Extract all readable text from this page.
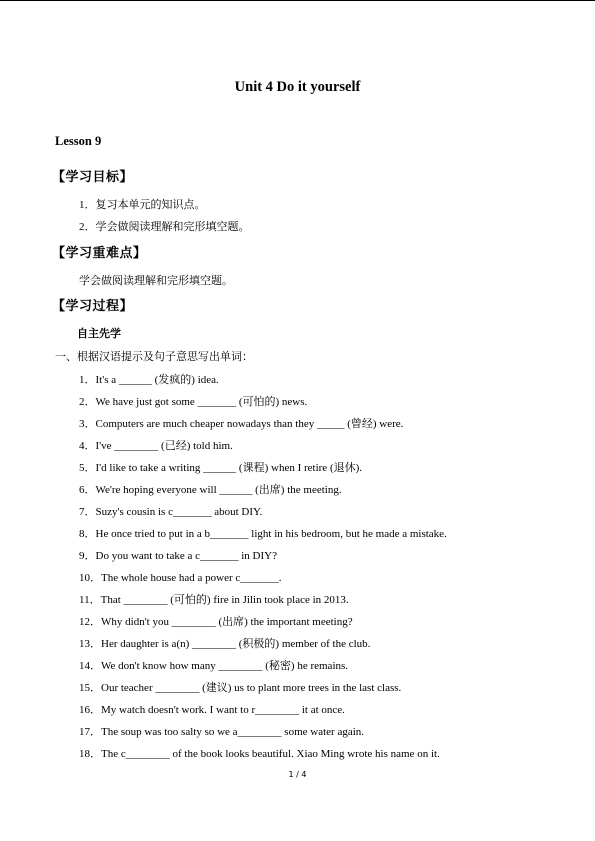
Unit 4 Do it yourself
Lesson 9
【学习目标】
1．复习本单元的知识点。
2．学会做阅读理解和完形填空题。
【学习重难点】
学会做阅读理解和完形填空题。
【学习过程】
自主先学
一、根据汉语提示及句子意思写出单词：
1．It's a ______ (发疯的) idea.
2．We have just got some _______ (可怕的) news.
3．Computers are much cheaper nowadays than they _____ (曾经) were.
4．I've ________ (已经) told him.
5．I'd like to take a writing ______ (课程) when I retire (退休).
6．We're hoping everyone will ______ (出席) the meeting.
7．Suzy's cousin is c_______ about DIY.
8．He once tried to put in a b_______ light in his bedroom, but he made a mistake.
9．Do you want to take a c_______ in DIY?
10．The whole house had a power c_______.
11．That ________ (可怕的) fire in Jilin took place in 2013.
12．Why didn't you ________ (出席) the important meeting?
13．Her daughter is a(n) ________ (积极的) member of the club.
14．We don't know how many ________ (秘密) he remains.
15．Our teacher ________ (建议) us to plant more trees in the last class.
16．My watch doesn't work. I want to r________ it at once.
17．The soup was too salty so we a________ some water again.
18．The c________ of the book looks beautiful. Xiao Ming wrote his name on it.
1 / 4
